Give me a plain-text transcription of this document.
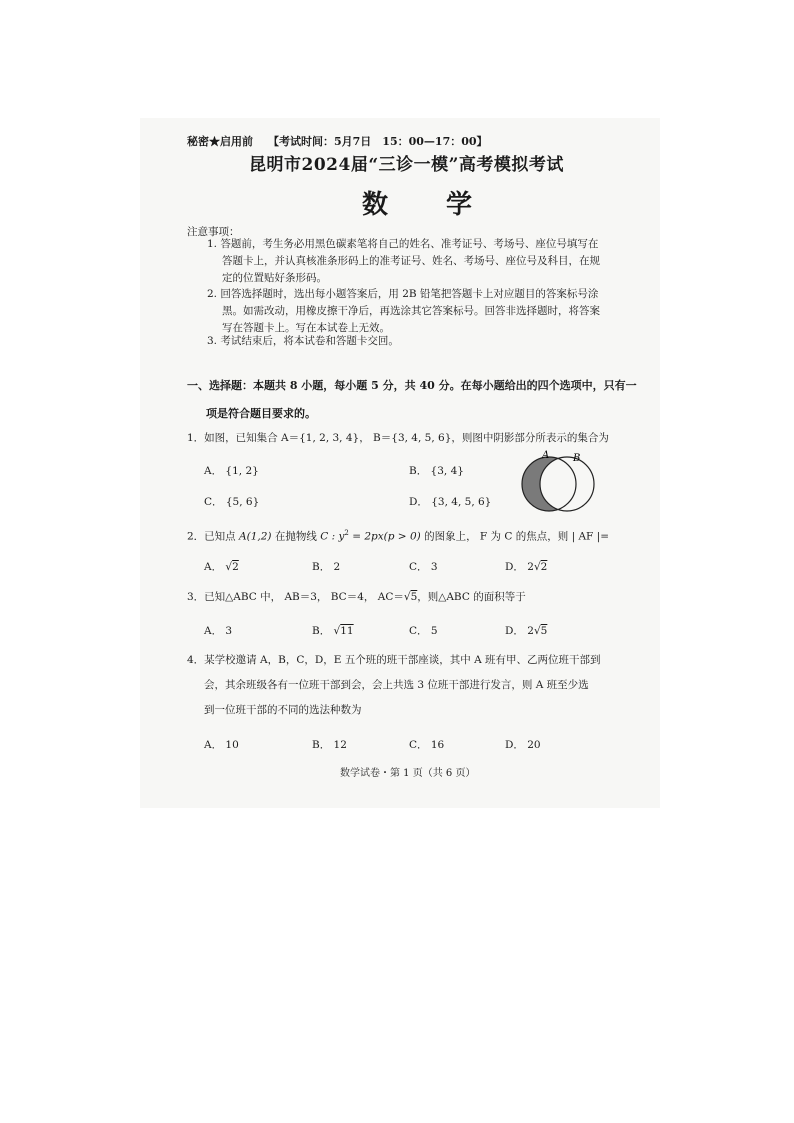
秘密★启用前 【考试时间：5月7日　15：00—17：00】
昆明市2024届“三诊一模”高考模拟考试
数　学
注意事项：
1. 答题前，考生务必用黑色碳素笔将自己的姓名、准考证号、考场号、座位号填写在
答题卡上，并认真核准条形码上的准考证号、姓名、考场号、座位号及科目，在规
定的位置贴好条形码。
2. 回答选择题时，选出每小题答案后，用 2B 铅笔把答题卡上对应题目的答案标号涂
黑。如需改动，用橡皮擦干净后，再选涂其它答案标号。回答非选择题时，将答案
写在答题卡上。写在本试卷上无效。
3. 考试结束后，将本试卷和答题卡交回。
一、选择题：本题共 8 小题，每小题 5 分，共 40 分。在每小题给出的四个选项中，只有一
项是符合题目要求的。
1．如图，已知集合 A＝{1, 2, 3, 4}， B＝{3, 4, 5, 6}，则图中阴影部分所表示的集合为
A． {1, 2}	B． {3, 4}
C． {5, 6}	D． {3, 4, 5, 6}
A B
2．已知点 A(1,2) 在抛物线 C : $y^2 = 2px(p > 0)$ 的图象上， F 为 C 的焦点，则 | AF |=
A． √2	B． 2	C． 3	D． 2√2
3．已知△ABC 中， AB＝3， BC＝4， AC＝√5，则△ABC 的面积等于
A． 3	B． √11	C． 5	D． 2√5
4．某学校邀请 A，B，C，D，E 五个班的班干部座谈，其中 A 班有甲、乙两位班干部到
会，其余班级各有一位班干部到会，会上共选 3 位班干部进行发言，则 A 班至少选
到一位班干部的不同的选法种数为
A． 10	B． 12	C． 16	D． 20
数学试卷・第 1 页（共 6 页）
